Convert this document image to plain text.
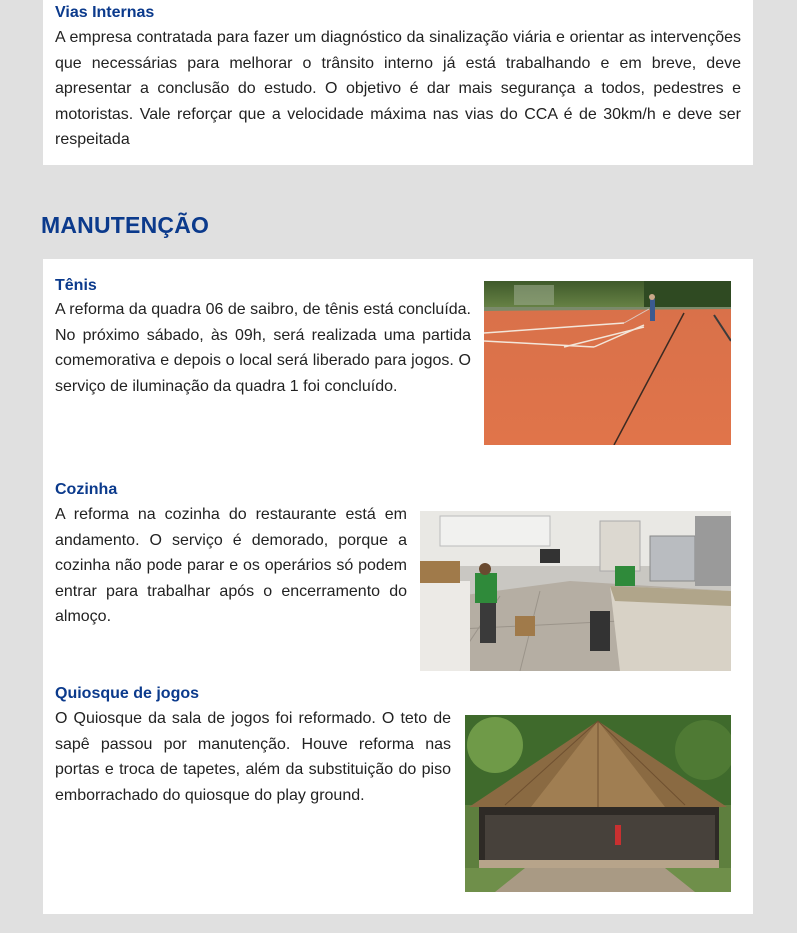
Vias Internas
A empresa contratada para fazer um diagnóstico da sinalização viária e orientar as intervenções que necessárias para melhorar o trânsito interno já está trabalhando e em breve, deve apresentar a conclusão do estudo. O objetivo é dar mais segurança a todos, pedestres e motoristas. Vale reforçar que a velocidade máxima nas vias do CCA é de 30km/h e deve ser respeitada
MANUTENÇÃO
Tênis
A reforma da quadra 06 de saibro, de tênis está concluída. No próximo sábado, às 09h, será realizada uma partida comemorativa e depois o local será liberado para jogos. O serviço de iluminação da quadra 1 foi concluído.
Cozinha
A reforma na cozinha do restaurante está em andamento. O serviço é demorado, porque a cozinha não pode parar e os operários só podem entrar para trabalhar após o encerramento do almoço.
Quiosque de jogos
O Quiosque da sala de jogos foi reformado. O teto de sapê passou por manutenção. Houve reforma nas portas e troca de tapetes, além da substituição do piso emborrachado do quiosque do play ground.
